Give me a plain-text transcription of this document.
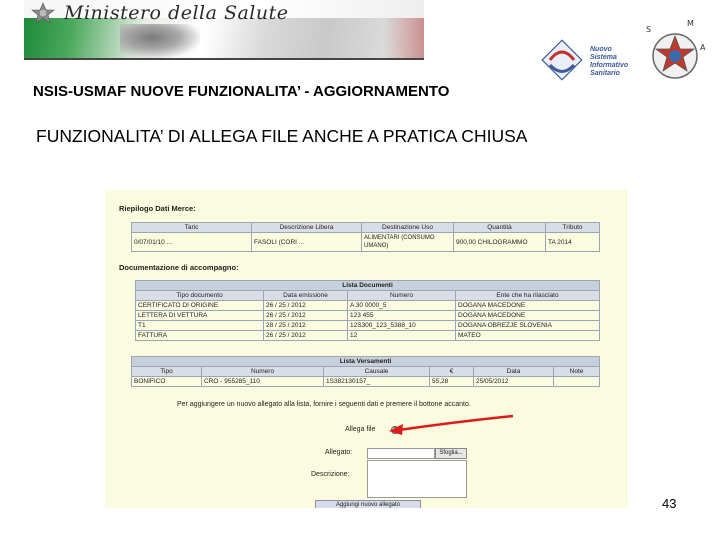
Ministero della Salute
Nuovo
Sistema
Informativo
Sanitario
M
S
A
NSIS-USMAF NUOVE FUNZIONALITA’ - AGGIORNAMENTO
FUNZIONALITA’ DI ALLEGA FILE ANCHE A PRATICA CHIUSA
Riepilogo Dati Merce:
Taric	Descrizione Libera	Destinazione Uso	Quantità	Tributo
0/07/01/10 ...	FASOLI (CORI ...	ALIMENTARI (CONSUMO UMANO)	900,00 CHILOGRAMMO	TA 2014
Documentazione di accompagno:
Lista Documenti			
Tipo documento	Data emissione	Numero	Ente che ha rilasciato
CERTIFICATO DI ORIGINE	26 / 25 / 2012	A 30 0000_5	DOGANA MACEDONE
LETTERA DI VETTURA	26 / 25 / 2012	123 455	DOGANA MACEDONE
T1	28 / 25 / 2012	12S300_123_5388_10	DOGANA OBREZJE SLOVENIA
FATTURA	26 / 25 / 2012	12	MATEO
Lista Versamenti					
Tipo	Numero	Causale	€	Data	Note
BONIFICO	CRO - 955285_110	1S382130157_	55,28	25/05/2012	
Per aggiungere un nuovo allegato alla lista, fornire i seguenti dati e premere il bottone accanto.
Allega file
Allegato:	Sfoglia...
Descrizione:
Aggiungi nuovo allegato	43
